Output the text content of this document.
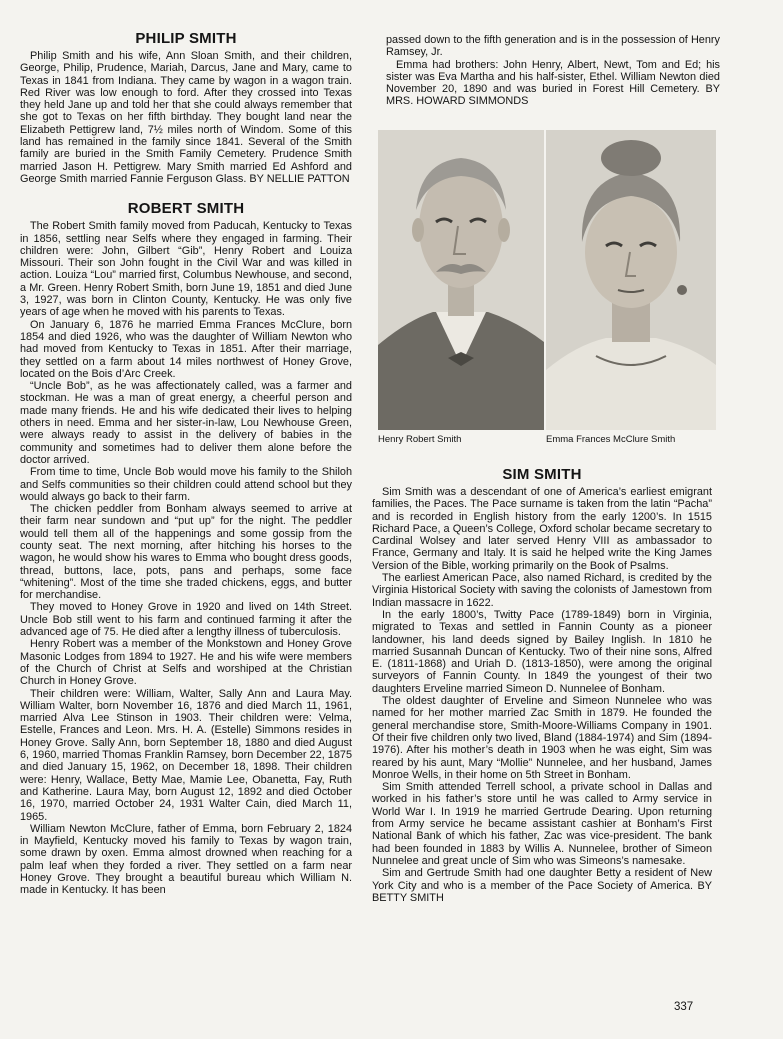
PHILIP SMITH

Philip Smith and his wife, Ann Sloan Smith, and their children, George, Philip, Prudence, Mariah, Darcus, Jane and Mary, came to Texas in 1841 from Indiana. They came by wagon in a wagon train. Red River was low enough to ford. After they crossed into Texas they held Jane up and told her that she could always remember that she got to Texas on her fifth birthday. They bought land near the Elizabeth Pettigrew land, 7½ miles north of Windom. Some of this land has remained in the family since 1841. Several of the Smith family are buried in the Smith Family Cemetery. Prudence Smith married Jason H. Pettigrew. Mary Smith married Ed Ashford and George Smith married Fannie Ferguson Glass. BY NELLIE PATTON

ROBERT SMITH

The Robert Smith family moved from Paducah, Kentucky to Texas in 1856, settling near Selfs where they engaged in farming. Their children were: John, Gilbert “Gib”, Henry Robert and Louiza Missouri. Their son John fought in the Civil War and was killed in action. Louiza “Lou” married first, Columbus Newhouse, and second, a Mr. Green. Henry Robert Smith, born June 19, 1851 and died June 3, 1927, was born in Clinton County, Kentucky. He was only five years of age when he moved with his parents to Texas.

On January 6, 1876 he married Emma Frances McClure, born 1854 and died 1926, who was the daughter of William Newton who had moved from Kentucky to Texas in 1851. After their marriage, they settled on a farm about 14 miles northwest of Honey Grove, located on the Bois d’Arc Creek.

“Uncle Bob”, as he was affectionately called, was a farmer and stockman. He was a man of great energy, a cheerful person and made many friends. He and his wife dedicated their lives to helping others in need. Emma and her sister-in-law, Lou Newhouse Green, were always ready to assist in the delivery of babies in the community and sometimes had to deliver them alone before the doctor arrived.

From time to time, Uncle Bob would move his family to the Shiloh and Selfs communities so their children could attend school but they would always go back to their farm.

The chicken peddler from Bonham always seemed to arrive at their farm near sundown and “put up” for the night. The peddler would tell them all of the happenings and some gossip from the county seat. The next morning, after hitching his horses to the wagon, he would show his wares to Emma who bought dress goods, thread, buttons, lace, pots, pans and perhaps, some face “whitening”. Most of the time she traded chickens, eggs, and butter for merchandise.

They moved to Honey Grove in 1920 and lived on 14th Street. Uncle Bob still went to his farm and continued farming it after the advanced age of 75. He died after a lengthy illness of tuberculosis.

Henry Robert was a member of the Monkstown and Honey Grove Masonic Lodges from 1894 to 1927. He and his wife were members of the Church of Christ at Selfs and worshiped at the Christian Church in Honey Grove.

Their children were: William, Walter, Sally Ann and Laura May. William Walter, born November 16, 1876 and died March 11, 1961, married Alva Lee Stinson in 1903. Their children were: Velma, Estelle, Frances and Leon. Mrs. H. A. (Estelle) Simmons resides in Honey Grove. Sally Ann, born September 18, 1880 and died August 6, 1960, married Thomas Franklin Ramsey, born December 22, 1875 and died January 15, 1962, on December 18, 1898. Their children were: Henry, Wallace, Betty Mae, Mamie Lee, Obanetta, Fay, Ruth and Katherine. Laura May, born August 12, 1892 and died October 16, 1970, married October 24, 1931 Walter Cain, died March 11, 1965.

William Newton McClure, father of Emma, born February 2, 1824 in Mayfield, Kentucky moved his family to Texas by wagon train, some drawn by oxen. Emma almost drowned when reaching for a palm leaf when they forded a river. They settled on a farm near Honey Grove. They brought a beautiful bureau which William N. made in Kentucky. It has been

passed down to the fifth generation and is in the possession of Henry Ramsey, Jr.

Emma had brothers: John Henry, Albert, Newt, Tom and Ed; his sister was Eva Martha and his half-sister, Ethel. William Newton died November 20, 1890 and was buried in Forest Hill Cemetery. BY MRS. HOWARD SIMMONDS

Henry Robert Smith	Emma Frances McClure Smith
SIM SMITH

Sim Smith was a descendant of one of America’s earliest emigrant families, the Paces. The Pace surname is taken from the latin “Pacha” and is recorded in English history from the early 1200’s. In 1515 Richard Pace, a Queen’s College, Oxford scholar became secretary to Cardinal Wolsey and later served Henry VIII as ambassador to France, Germany and Italy. It is said he helped write the King James Version of the Bible, working primarily on the Book of Psalms.

The earliest American Pace, also named Richard, is credited by the Virginia Historical Society with saving the colonists of Jamestown from Indian massacre in 1622.

In the early 1800’s, Twitty Pace (1789-1849) born in Virginia, migrated to Texas and settled in Fannin County as a pioneer landowner, his land deeds signed by Bailey Inglish. In 1810 he married Susannah Duncan of Kentucky. Two of their nine sons, Alfred E. (1811-1868) and Uriah D. (1813-1850), were among the original surveyors of Fannin County. In 1849 the youngest of their two daughters Erveline married Simeon D. Nunnelee of Bonham.

The oldest daughter of Erveline and Simeon Nunnelee who was named for her mother married Zac Smith in 1879. He founded the general merchandise store, Smith-Moore-Williams Company in 1901. Of their five children only two lived, Bland (1884-1974) and Sim (1894-1976). After his mother’s death in 1903 when he was eight, Sim was reared by his aunt, Mary “Mollie” Nunnelee, and her husband, James Monroe Wells, in their home on 5th Street in Bonham.

Sim Smith attended Terrell school, a private school in Dallas and worked in his father’s store until he was called to Army service in World War I. In 1919 he married Gertrude Dearing. Upon returning from Army service he became assistant cashier at Bonham’s First National Bank of which his father, Zac was vice-president. The bank had been founded in 1883 by Willis A. Nunnelee, brother of Simeon Nunnelee and great uncle of Sim who was Simeons’s namesake.

Sim and Gertrude Smith had one daughter Betty a resident of New York City and who is a member of the Pace Society of America. BY BETTY SMITH

337
